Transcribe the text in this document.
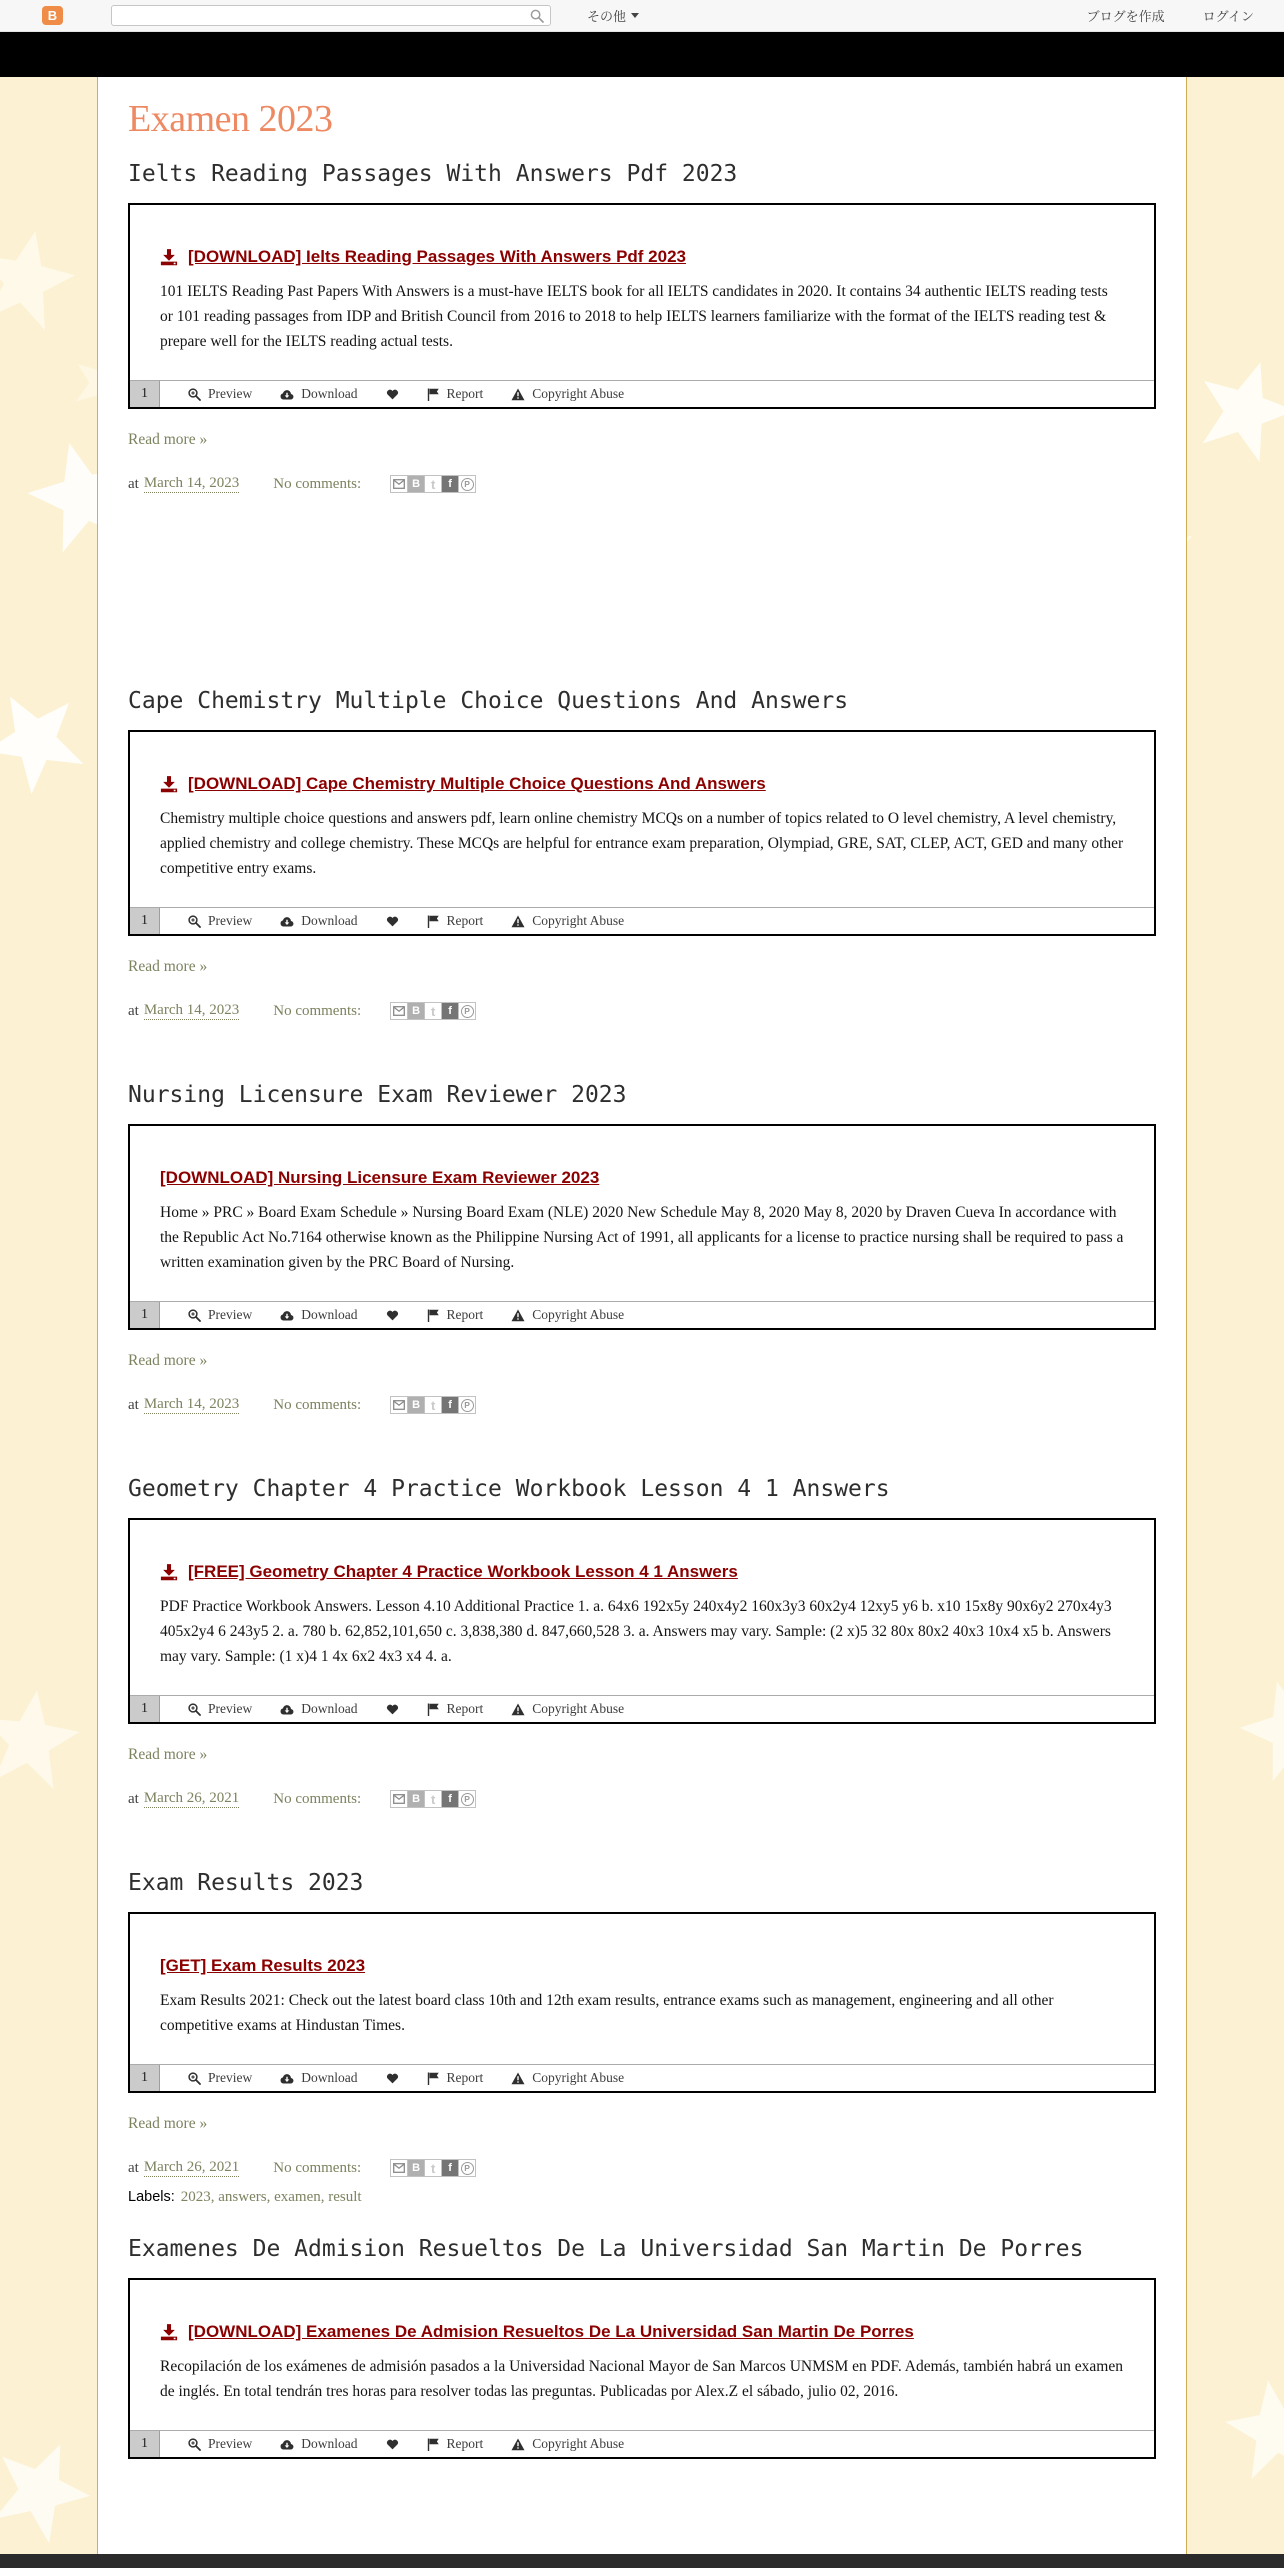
B	その他	ブログを作成	ログイン
Examen 2023
Ielts Reading Passages With Answers Pdf 2023
[DOWNLOAD] Ielts Reading Passages With Answers Pdf 2023

101 IELTS Reading Past Papers With Answers is a must-have IELTS book for all IELTS candidates in 2020. It contains 34 authentic IELTS reading tests or 101 reading passages from IDP and British Council from 2016 to 2018 to help IELTS learners familiarize with the format of the IELTS reading test & prepare well for the IELTS reading actual tests.

1	Preview	Download	Report	Copyright Abuse
Read more »
at March 14, 2023 No comments:	B t	f	P
Cape Chemistry Multiple Choice Questions And Answers
[DOWNLOAD] Cape Chemistry Multiple Choice Questions And Answers

Chemistry multiple choice questions and answers pdf, learn online chemistry MCQs on a number of topics related to O level chemistry, A level chemistry, applied chemistry and college chemistry. These MCQs are helpful for entrance exam preparation, Olympiad, GRE, SAT, CLEP, ACT, GED and many other competitive entry exams.

1	Preview	Download	Report	Copyright Abuse
Read more »
at March 14, 2023 No comments:	B t	f	P
Nursing Licensure Exam Reviewer 2023
[DOWNLOAD] Nursing Licensure Exam Reviewer 2023

Home » PRC » Board Exam Schedule » Nursing Board Exam (NLE) 2020 New Schedule May 8, 2020 May 8, 2020 by Draven Cueva In accordance with the Republic Act No.7164 otherwise known as the Philippine Nursing Act of 1991, all applicants for a license to practice nursing shall be required to pass a written examination given by the PRC Board of Nursing.

1	Preview	Download	Report	Copyright Abuse
Read more »
at March 14, 2023 No comments:	B t	f	P
Geometry Chapter 4 Practice Workbook Lesson 4 1 Answers
[FREE] Geometry Chapter 4 Practice Workbook Lesson 4 1 Answers

PDF Practice Workbook Answers. Lesson 4.10 Additional Practice 1. a. 64x6 192x5y 240x4y2 160x3y3 60x2y4 12xy5 y6 b. x10 15x8y 90x6y2 270x4y3 405x2y4 6 243y5 2. a. 780 b. 62,852,101,650 c. 3,838,380 d. 847,660,528 3. a. Answers may vary. Sample: (2 x)5 32 80x 80x2 40x3 10x4 x5 b. Answers may vary. Sample: (1 x)4 1 4x 6x2 4x3 x4 4. a.

1	Preview	Download	Report	Copyright Abuse
Read more »
at March 26, 2021 No comments:	B t	f	P
Exam Results 2023
[GET] Exam Results 2023

Exam Results 2021: Check out the latest board class 10th and 12th exam results, entrance exams such as management, engineering and all other competitive exams at Hindustan Times.

1	Preview	Download	Report	Copyright Abuse
Read more »
at March 26, 2021 No comments:	B t	f	P
Labels: 2023 , answers , examen , result
Examenes De Admision Resueltos De La Universidad San Martin De Porres
[DOWNLOAD] Examenes De Admision Resueltos De La Universidad San Martin De Porres

Recopilación de los exámenes de admisión pasados a la Universidad Nacional Mayor de San Marcos UNMSM en PDF. Además, también habrá un examen de inglés. En total tendrán tres horas para resolver todas las preguntas. Publicadas por Alex.Z el sábado, julio 02, 2016.

1	Preview	Download	Report	Copyright Abuse
